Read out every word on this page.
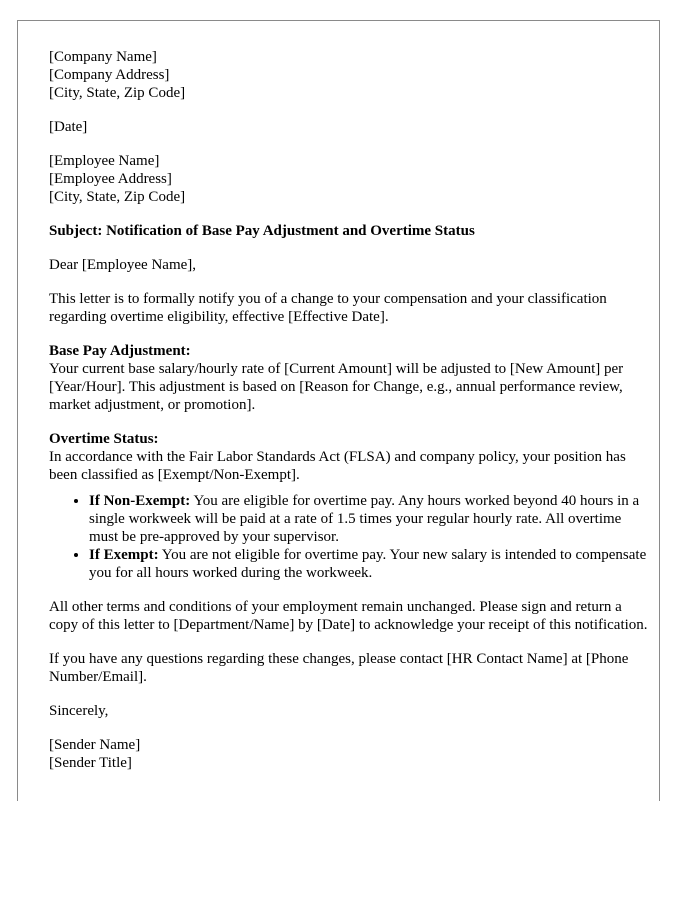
[Company Name]
[Company Address]
[City, State, Zip Code]
[Date]
[Employee Name]
[Employee Address]
[City, State, Zip Code]
Subject: Notification of Base Pay Adjustment and Overtime Status
Dear [Employee Name],
This letter is to formally notify you of a change to your compensation and your classification regarding overtime eligibility, effective [Effective Date].
Base Pay Adjustment:
Your current base salary/hourly rate of [Current Amount] will be adjusted to [New Amount] per [Year/Hour]. This adjustment is based on [Reason for Change, e.g., annual performance review, market adjustment, or promotion].
Overtime Status:
In accordance with the Fair Labor Standards Act (FLSA) and company policy, your position has been classified as [Exempt/Non-Exempt].
• If Non-Exempt: You are eligible for overtime pay. Any hours worked beyond 40 hours in a single workweek will be paid at a rate of 1.5 times your regular hourly rate. All overtime must be pre-approved by your supervisor.
• If Exempt: You are not eligible for overtime pay. Your new salary is intended to compensate you for all hours worked during the workweek.
All other terms and conditions of your employment remain unchanged. Please sign and return a copy of this letter to [Department/Name] by [Date] to acknowledge your receipt of this notification.
If you have any questions regarding these changes, please contact [HR Contact Name] at [Phone Number/Email].
Sincerely,
[Sender Name]
[Sender Title]
